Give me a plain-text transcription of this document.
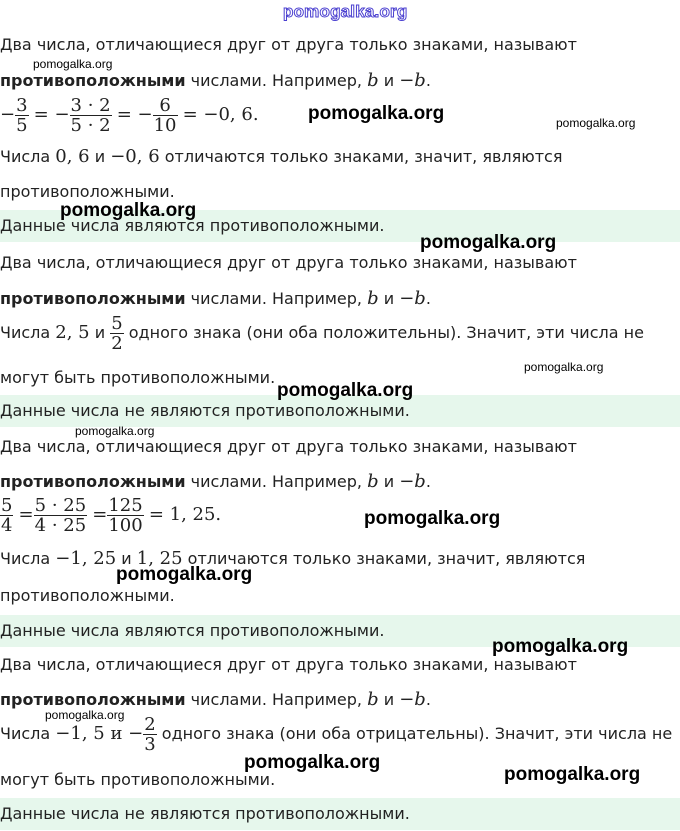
pomogalka.org
Два числа, отличающиеся друг от друга только знаками, называют
противоположными числами. Например, b и −b.
− $\frac{3}{5}$ = − $\frac{3 \cdot 2}{5 \cdot 2}$ = − $\frac{6}{10} = -0$, 6.
Числа 0, 6 и −0, 6 отличаются только знаками, значит, являются
противоположными.
Данные числа являются противоположными.
Два числа, отличающиеся друг от друга только знаками, называют
противоположными числами. Например, b и −b.
Числа 2, 5 и $\frac{5}{2}$ одного знака (они оба положительны). Значит, эти числа не
могут быть противоположными.
Данные числа не являются противоположными.
Два числа, отличающиеся друг от друга только знаками, называют
противоположными числами. Например, b и −b.
$\frac{5}{4} = \frac{5 \cdot 25}{4 \cdot 25} = \frac{125}{100} = 1$, 25.
Числа −1, 25 и 1, 25 отличаются только знаками, значит, являются
противоположными.
Данные числа являются противоположными.
Два числа, отличающиеся друг от друга только знаками, называют
противоположными числами. Например, b и −b.
Числа −1, 5 $и - \frac{2}{3}$ одного знака (они оба отрицательны). Значит, эти числа не
могут быть противоположными.
Данные числа не являются противоположными.
pomogalka.org
pomogalka.org	pomogalka.org
pomogalka.org
pomogalka.org
pomogalka.org
pomogalka.org
pomogalka.org
pomogalka.org
pomogalka.org
pomogalka.org
pomogalka.org
pomogalka.org
pomogalka.org
